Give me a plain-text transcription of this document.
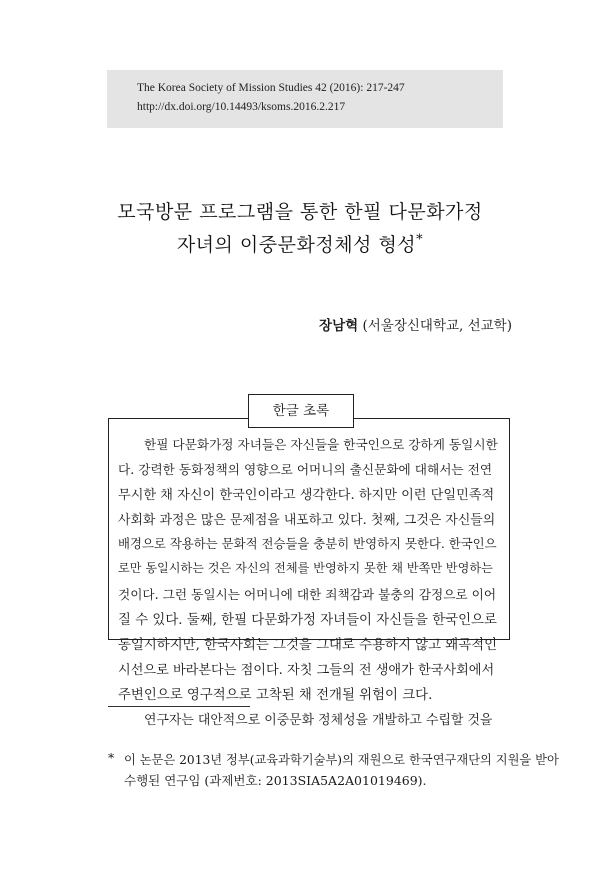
The Korea Society of Mission Studies 42 (2016): 217-247
http://dx.doi.org/10.14493/ksoms.2016.2.217
모국방문 프로그램을 통한 한필 다문화가정
자녀의 이중문화정체성 형성*
장남혁 (서울장신대학교, 선교학)
한글 초록
한필 다문화가정 자녀들은 자신들을 한국인으로 강하게 동일시한
다. 강력한 동화정책의 영향으로 어머니의 출신문화에 대해서는 전연
무시한 채 자신이 한국인이라고 생각한다. 하지만 이런 단일민족적
사회화 과정은 많은 문제점을 내포하고 있다. 첫째, 그것은 자신들의
배경으로 작용하는 문화적 전승들을 충분히 반영하지 못한다. 한국인으
로만 동일시하는 것은 자신의 전체를 반영하지 못한 채 반쪽만 반영하는
것이다. 그런 동일시는 어머니에 대한 죄책감과 불충의 감정으로 이어
질 수 있다. 둘째, 한필 다문화가정 자녀들이 자신들을 한국인으로
동일시하지만, 한국사회는 그것을 그대로 수용하지 않고 왜곡적인
시선으로 바라본다는 점이다. 자칫 그들의 전 생애가 한국사회에서
주변인으로 영구적으로 고착된 채 전개될 위험이 크다.
연구자는 대안적으로 이중문화 정체성을 개발하고 수립할 것을
* 이 논문은 2013년 정부(교육과학기술부)의 재원으로 한국연구재단의 지원을 받아
수행된 연구임 (과제번호: 2013SIA5A2A01019469).
